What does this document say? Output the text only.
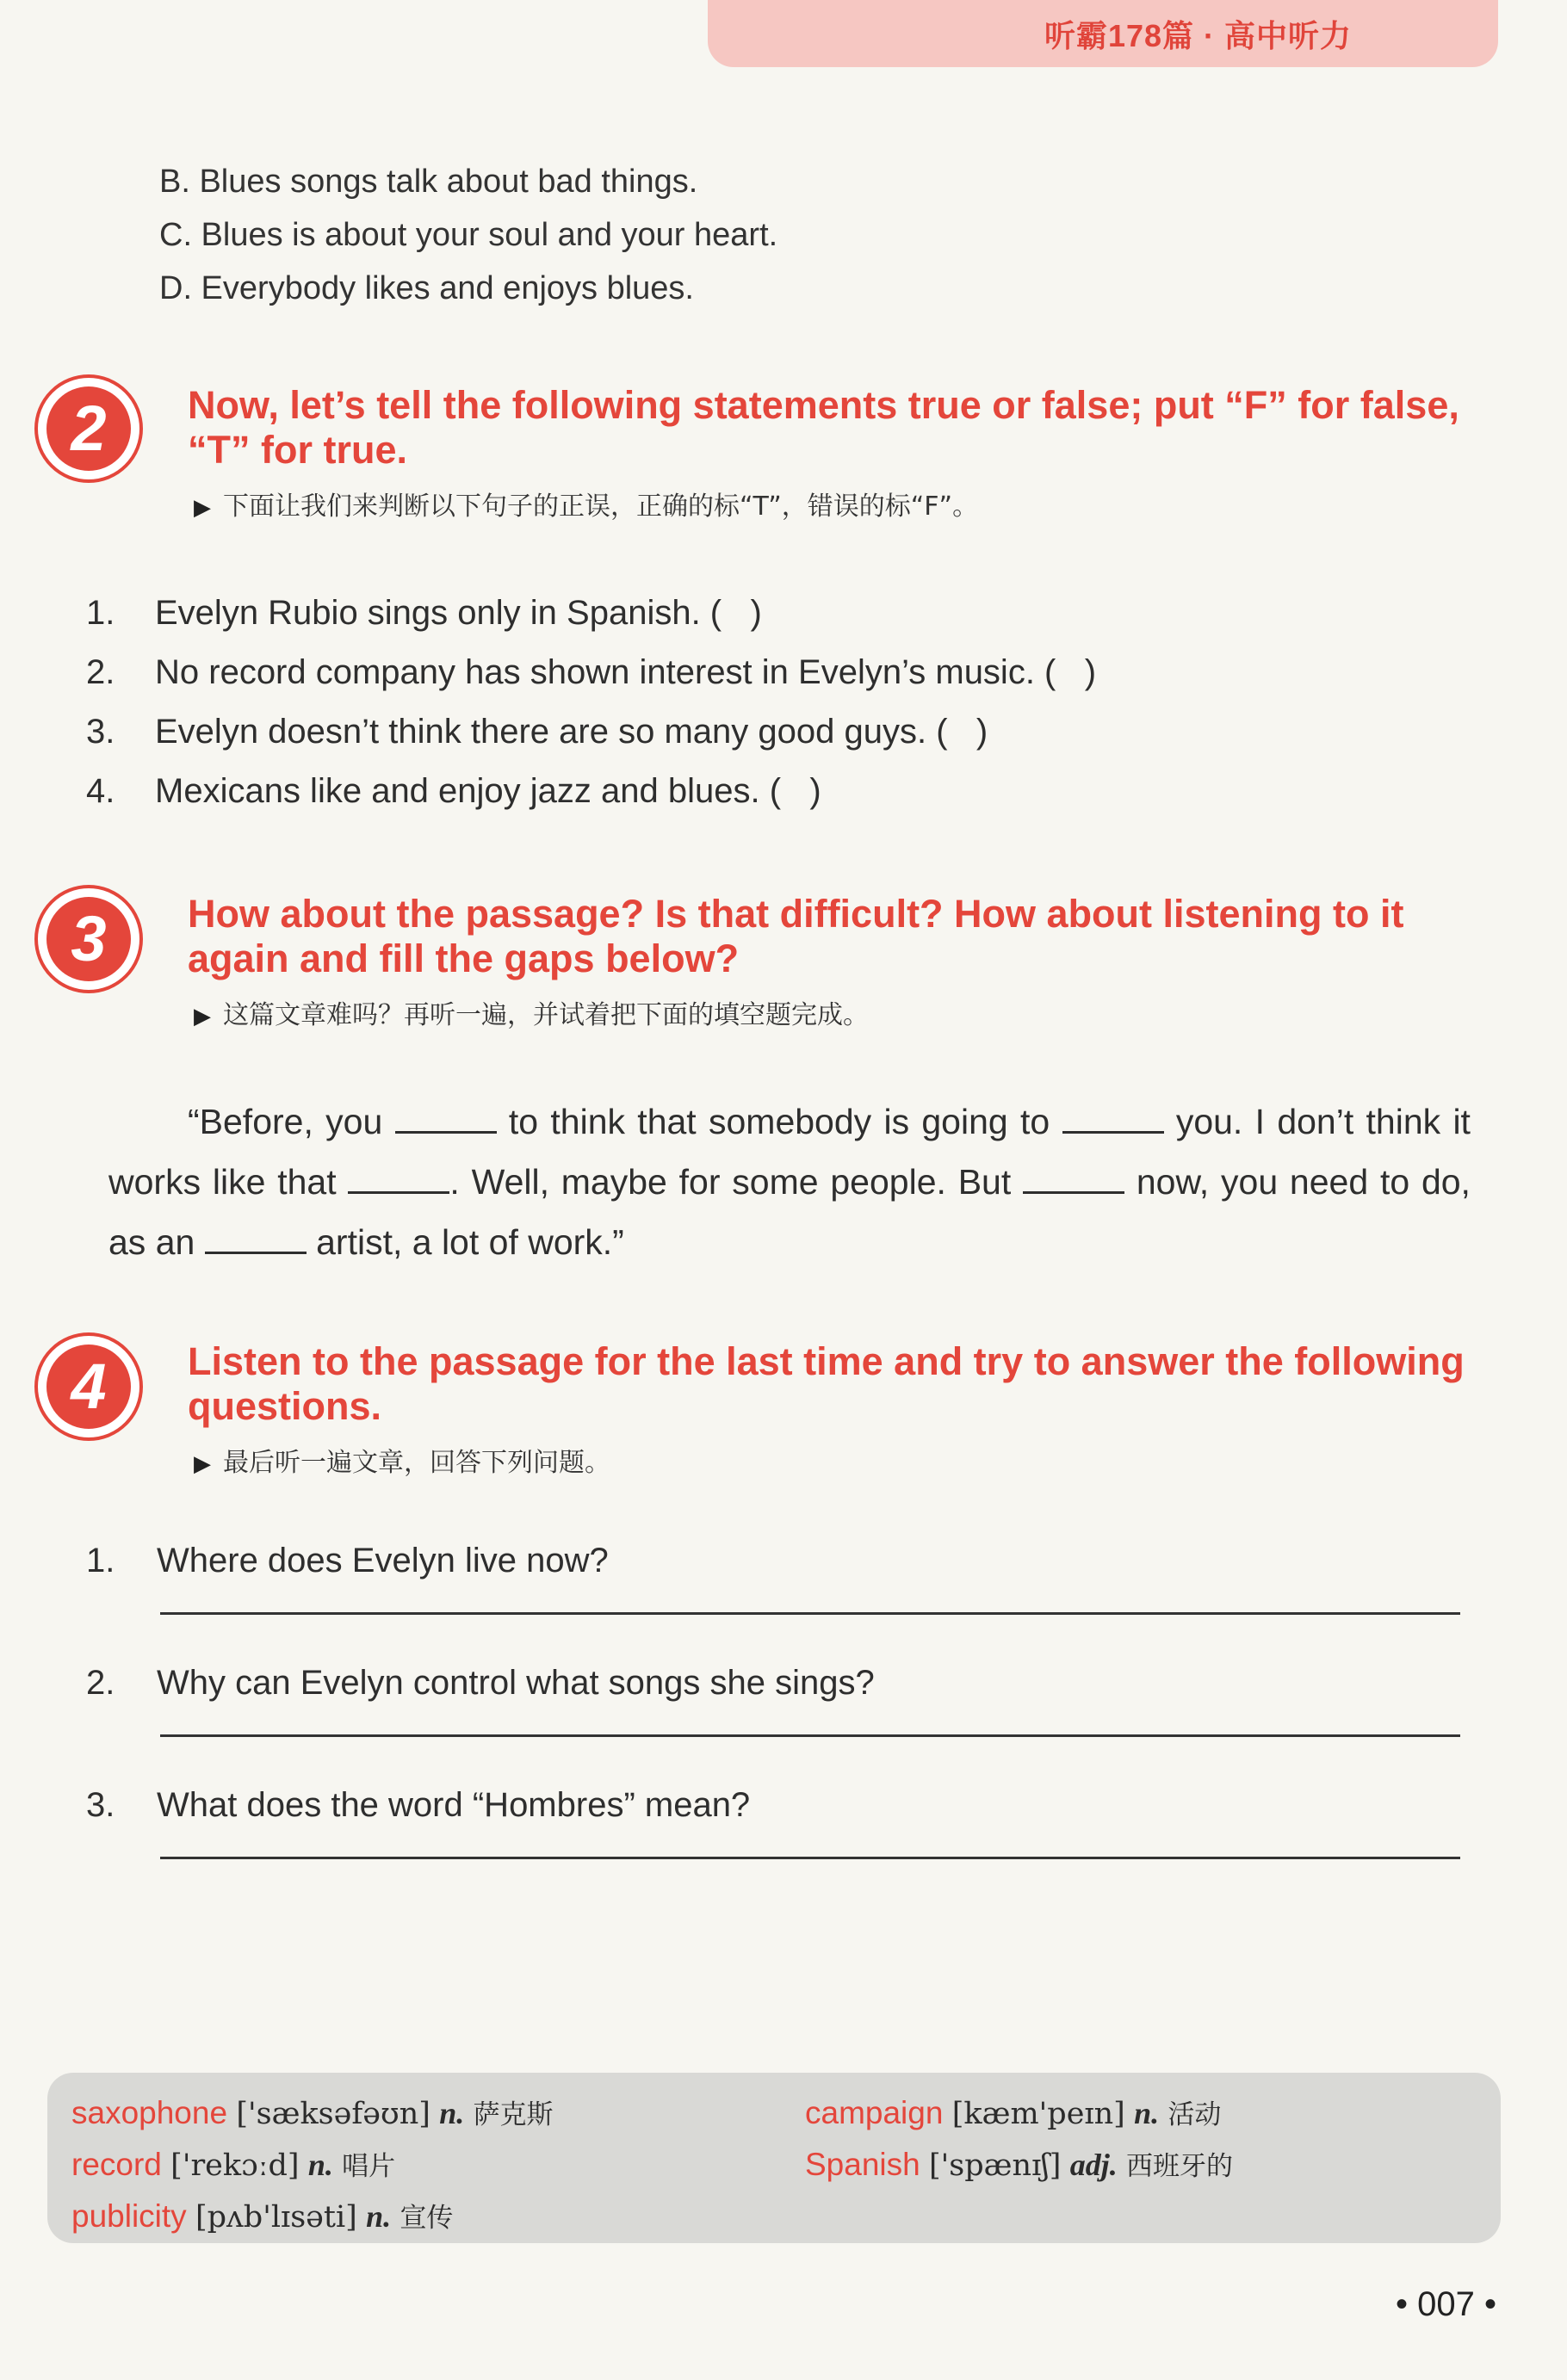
听霸178篇 · 高中听力
B. Blues songs talk about bad things.
C. Blues is about your soul and your heart.
D. Everybody likes and enjoys blues.
2	Now, let’s tell the following statements true or false; put “F” for false, “T” for true.
▶ 下面让我们来判断以下句子的正误，正确的标“T”，错误的标“F”。
1. Evelyn Rubio sings only in Spanish. (   )
2. No record company has shown interest in Evelyn’s music. (   )
3. Evelyn doesn’t think there are so many good guys. (   )
4. Mexicans like and enjoy jazz and blues. (   )
3	How about the passage? Is that difficult? How about listening to it again and fill the gaps below?
▶ 这篇文章难吗？再听一遍，并试着把下面的填空题完成。
“Before, you	to think that somebody is going to	you. I don’t think it works like that	. Well, maybe for some people. But	now, you need to do, as an	artist, a lot of work.”
4	Listen to the passage for the last time and try to answer the following questions.
▶ 最后听一遍文章，回答下列问题。
1. Where does Evelyn live now?
2. Why can Evelyn control what songs she sings?
3. What does the word “Hombres” mean?
saxophone ['sæksəfəʊn] n. 萨克斯
record ['rekɔːd] n. 唱片
publicity [pʌb'lɪsəti] n. 宣传
campaign [kæm'peɪn] n. 活动
Spanish ['spænɪʃ] adj. 西班牙的
• 007 •
